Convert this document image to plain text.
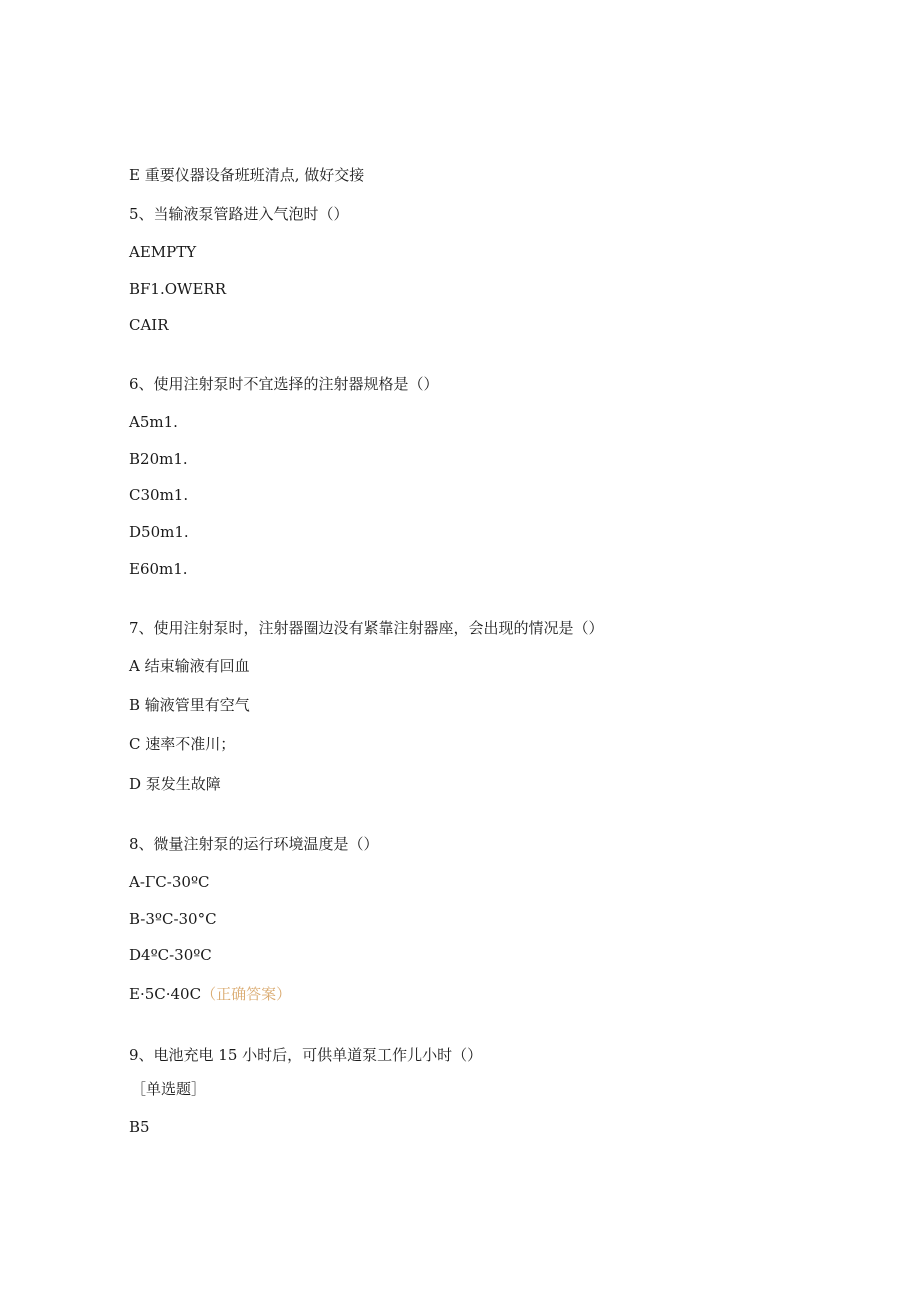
E 重要仪器设备班班清点, 做好交接
5、当输液泵管路进入气泡时（）
AEMPTY
BF1.OWERR
CAIR
6、使用注射泵时不宜选择的注射器规格是（）
A5m1.
B20m1.
C30m1.
D50m1.
E60m1.
7、使用注射泵时，注射器圈边没有紧靠注射器座，会出现的情况是（）
A 结束输液有回血
B 输液管里有空气
C 速率不准川；
D 泵发生故障
8、微量注射泵的运行环境温度是（）
A-ΓC-30ºC
B-3ºC-30°C
D4ºC-30ºC
E·5C·40C（正确答案）
9、电池充电 15 小时后，可供单道泵工作儿小时（）
［单选题］
B5
